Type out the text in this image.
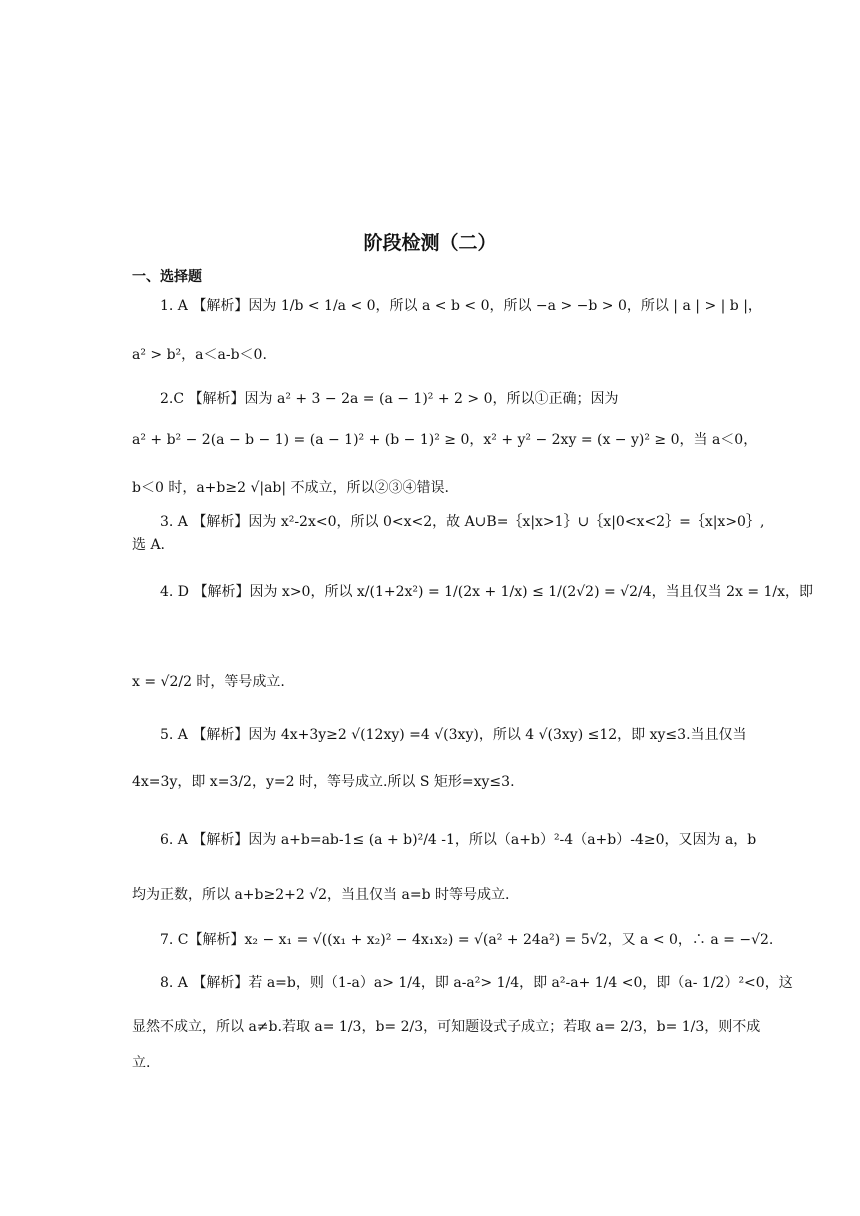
阶段检测（二）
一、选择题
1. A 【解析】因为 1/b < 1/a < 0，所以 a < b < 0，所以 −a > −b > 0，所以 | a | > | b |，
a² > b²，a＜a-b＜0.
2.C 【解析】因为 a² + 3 − 2a = (a − 1)² + 2 > 0，所以①正确；因为
a² + b² − 2(a − b − 1) = (a − 1)² + (b − 1)² ≥ 0，x² + y² − 2xy = (x − y)² ≥ 0，当 a＜0，
b＜0 时，a+b≥2 √|ab| 不成立，所以②③④错误.
3. A 【解析】因为 x²-2x<0，所以 0<x<2，故 A∪B=｛x|x>1｝∪｛x|0<x<2｝=｛x|x>0｝,
选 A.
4. D 【解析】因为 x>0，所以 x/(1+2x²) = 1/(2x + 1/x) ≤ 1/(2√2) = √2/4，当且仅当 2x = 1/x，即
x = √2/2 时，等号成立.
5. A 【解析】因为 4x+3y≥2 √(12xy) =4 √(3xy)，所以 4 √(3xy) ≤12，即 xy≤3.当且仅当
4x=3y，即 x=3/2，y=2 时，等号成立.所以 S 矩形=xy≤3.
6. A 【解析】因为 a+b=ab-1≤ (a + b)²/4 -1，所以（a+b）²-4（a+b）-4≥0，又因为 a，b
均为正数，所以 a+b≥2+2 √2，当且仅当 a=b 时等号成立.
7. C【解析】x₂ − x₁ = √((x₁ + x₂)² − 4x₁x₂) = √(a² + 24a²) = 5√2，又 a < 0，∴ a = −√2.
8. A 【解析】若 a=b，则（1-a）a> 1/4，即 a-a²> 1/4，即 a²-a+ 1/4 <0，即（a- 1/2）²<0，这
显然不成立，所以 a≠b.若取 a= 1/3，b= 2/3，可知题设式子成立；若取 a= 2/3，b= 1/3，则不成
立.
